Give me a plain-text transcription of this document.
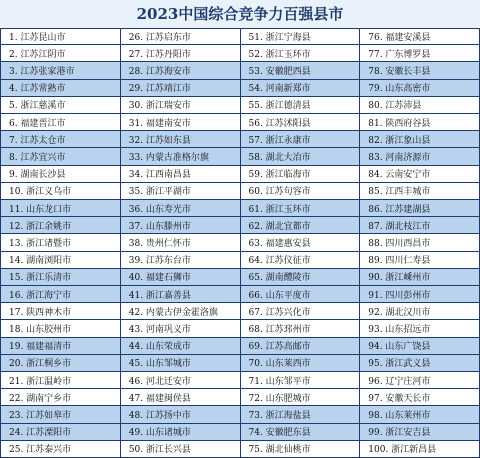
2023中国综合竞争力百强县市
1. 江苏昆山市
2. 江苏江阴市
3. 江苏张家港市
4. 江苏常熟市
5. 浙江慈溪市
6. 福建晋江市
7. 江苏太仓市
8. 江苏宜兴市
9. 湖南长沙县
10. 浙江义乌市
11. 山东龙口市
12. 浙江余姚市
13. 浙江诸暨市
14. 湖南浏阳市
15. 浙江乐清市
16. 浙江海宁市
17. 陕西神木市
18. 山东胶州市
19. 福建福清市
20. 浙江桐乡市
21. 浙江温岭市
22. 湖南宁乡市
23. 江苏如皋市
24. 江苏溧阳市
25. 江苏泰兴市
26. 江苏启东市
27. 江苏丹阳市
28. 江苏海安市
29. 江苏靖江市
30. 浙江瑞安市
31. 福建南安市
32. 江苏如东县
33. 内蒙古准格尔旗
34. 江西南昌县
35. 浙江平湖市
36. 山东寿光市
37. 山东滕州市
38. 贵州仁怀市
39. 江苏东台市
40. 福建石狮市
41. 浙江嘉善县
42. 内蒙古伊金霍洛旗
43. 河南巩义市
44. 山东荣成市
45. 山东邹城市
46. 河北迁安市
47. 福建闽侯县
48. 江苏扬中市
49. 山东诸城市
50. 浙江长兴县
51. 浙江宁海县
52. 浙江玉环市
53. 安徽肥西县
54. 河南新郑市
55. 浙江德清县
56. 江苏沭阳县
57. 浙江永康市
58. 湖北大冶市
59. 浙江临海市
60. 江苏句容市
61. 浙江玉环市
62. 湖北宜都市
63. 福建惠安县
64. 江苏仪征市
65. 湖南醴陵市
66. 山东平度市
67. 江苏兴化市
68. 江苏邳州市
69. 江苏高邮市
70. 山东莱西市
71. 山东邹平市
72. 山东肥城市
73. 浙江海盐县
74. 安徽肥东县
75. 湖北仙桃市
76. 福建安溪县
77. 广东博罗县
78. 安徽长丰县
79. 山东高密市
80. 江苏沛县
81. 陕西府谷县
82. 浙江象山县
83. 河南济源市
84. 云南安宁市
85. 江西丰城市
86. 江苏建湖县
87. 湖北枝江市
88. 四川西昌市
89. 四川仁寿县
90. 浙江嵊州市
91. 四川彭州市
92. 湖北汉川市
93. 山东招远市
94. 山东广饶县
95. 浙江武义县
96. 辽宁庄河市
97. 安徽天长市
98. 山东莱州市
99. 浙江安吉县
100. 浙江新昌县
